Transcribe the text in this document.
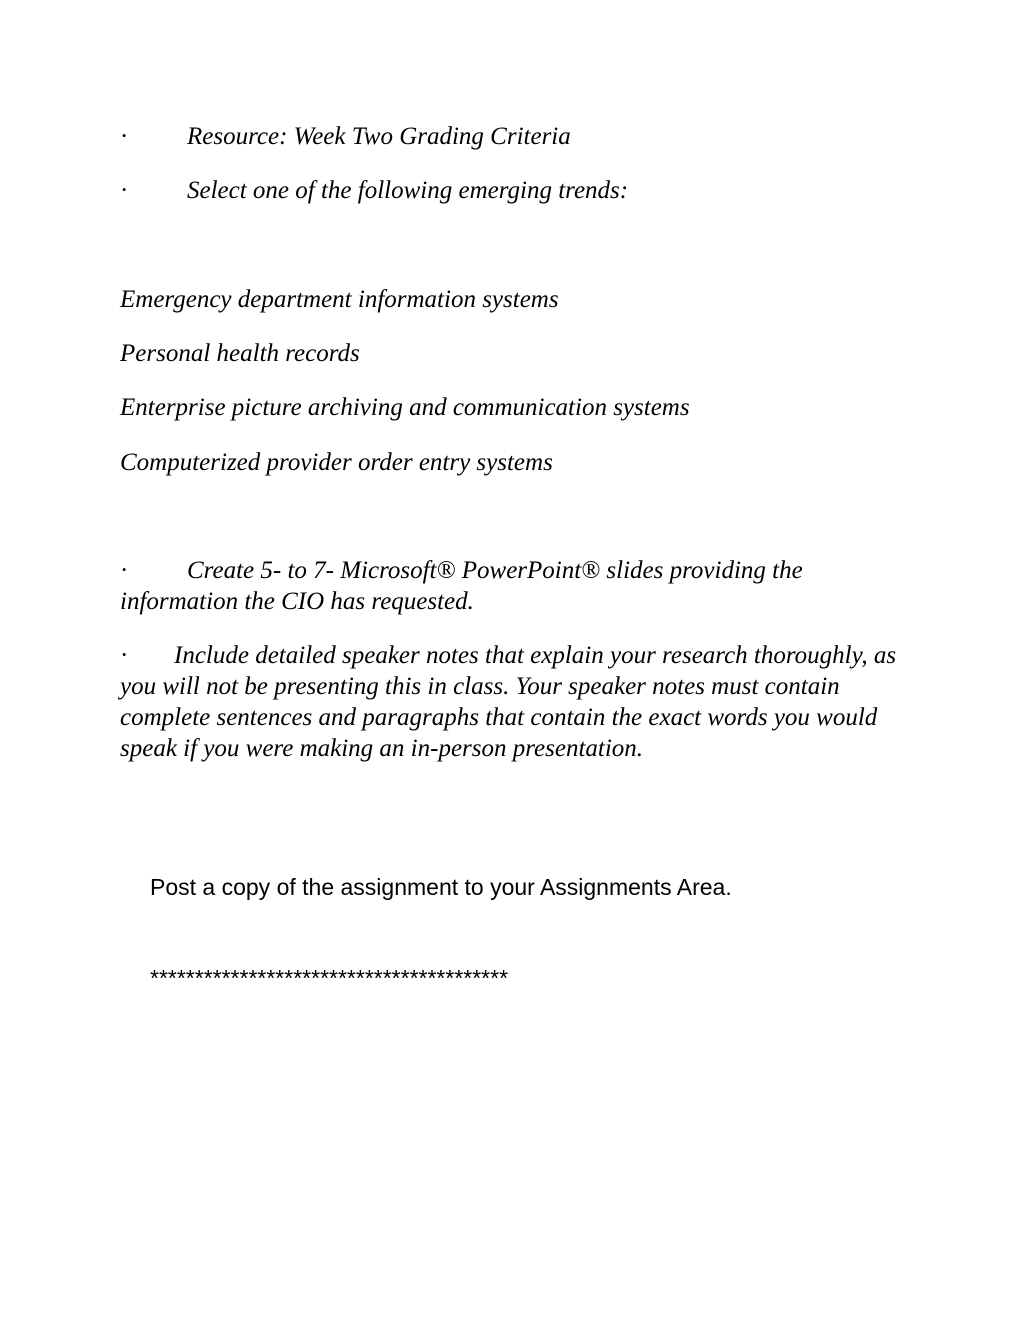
· Resource: Week Two Grading Criteria
· Select one of the following emerging trends:
Emergency department information systems
Personal health records
Enterprise picture archiving and communication systems
Computerized provider order entry systems

· Create 5- to 7- Microsoft® PowerPoint® slides providing the information the CIO has requested.

· Include detailed speaker notes that explain your research thoroughly, as you will not be presenting this in class. Your speaker notes must contain complete sentences and paragraphs that contain the exact words you would speak if you were making an in-person presentation.

Post a copy of the assignment to your Assignments Area.
****************************************
